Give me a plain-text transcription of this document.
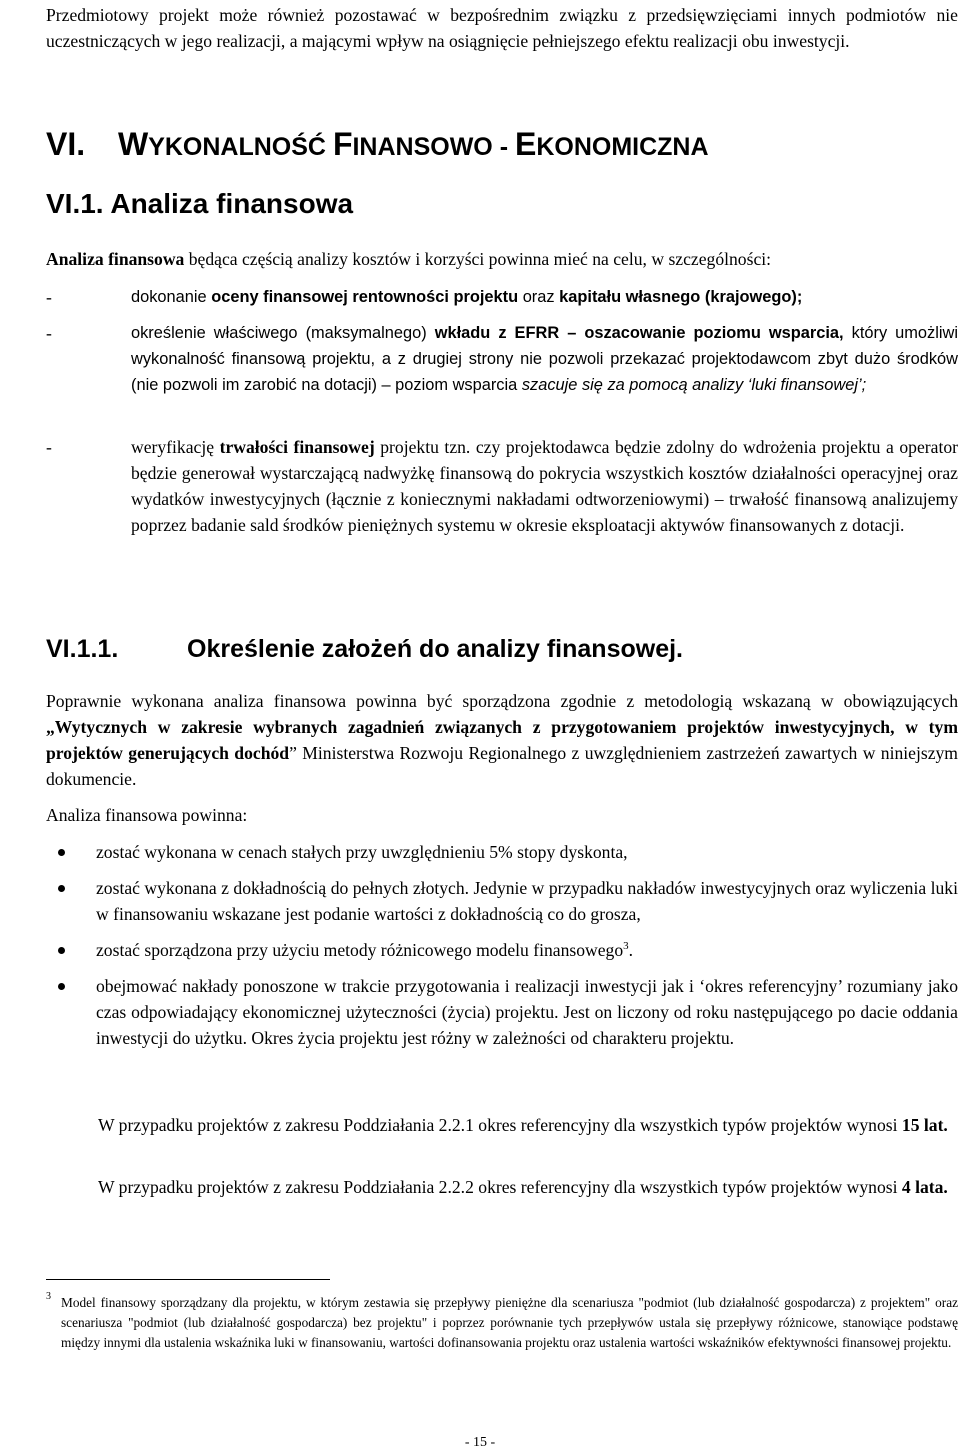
Przedmiotowy projekt może również pozostawać w bezpośrednim związku z przedsięwzięciami innych podmiotów nie uczestniczących w jego realizacji, a mającymi wpływ na osiągnięcie pełniejszego efektu realizacji obu inwestycji.

VI. WYKONALNOŚĆ FINANSOWO - EKONOMICZNA
VI.1. Analiza finansowa

Analiza finansowa będąca częścią analizy kosztów i korzyści powinna mieć na celu, w szczególności:

-	dokonanie oceny finansowej rentowności projektu oraz kapitału własnego (krajowego);

-	określenie właściwego (maksymalnego) wkładu z EFRR – oszacowanie poziomu wsparcia, który umożliwi wykonalność finansową projektu, a z drugiej strony nie pozwoli przekazać projektodawcom zbyt dużo środków (nie pozwoli im zarobić na dotacji) – poziom wsparcia szacuje się za pomocą analizy ‘luki finansowej’;

-	weryfikację trwałości finansowej projektu tzn. czy projektodawca będzie zdolny do wdrożenia projektu a operator będzie generował wystarczającą nadwyżkę finansową do pokrycia wszystkich kosztów działalności operacyjnej oraz wydatków inwestycyjnych (łącznie z koniecznymi nakładami odtworzeniowymi) – trwałość finansową analizujemy poprzez badanie sald środków pieniężnych systemu w okresie eksploatacji aktywów finansowanych z dotacji.

VI.1.1.	Określenie założeń do analizy finansowej.

Poprawnie wykonana analiza finansowa powinna być sporządzona zgodnie z metodologią wskazaną w obowiązujących „Wytycznych w zakresie wybranych zagadnień związanych z przygotowaniem projektów inwestycyjnych, w tym projektów generujących dochód” Ministerstwa Rozwoju Regionalnego z uwzględnieniem zastrzeżeń zawartych w niniejszym dokumencie.

Analiza finansowa powinna:

zostać wykonana w cenach stałych przy uwzględnieniu 5% stopy dyskonta,

zostać wykonana z dokładnością do pełnych złotych. Jedynie w przypadku nakładów inwestycyjnych oraz wyliczenia luki w finansowaniu wskazane jest podanie wartości z dokładnością co do grosza,

zostać sporządzona przy użyciu metody różnicowego modelu finansowego$^3$.

obejmować nakłady ponoszone w trakcie przygotowania i realizacji inwestycji jak i ‘okres referencyjny’ rozumiany jako czas odpowiadający ekonomicznej użyteczności (życia) projektu. Jest on liczony od roku następującego po dacie oddania inwestycji do użytku. Okres życia projektu jest różny w zależności od charakteru projektu.

W przypadku projektów z zakresu Poddziałania 2.2.1 okres referencyjny dla wszystkich typów projektów wynosi 15 lat.

W przypadku projektów z zakresu Poddziałania 2.2.2 okres referencyjny dla wszystkich typów projektów wynosi 4 lata.

3 Model finansowy sporządzany dla projektu, w którym zestawia się przepływy pieniężne dla scenariusza "podmiot (lub działalność gospodarcza) z projektem" oraz scenariusza "podmiot (lub działalność gospodarcza) bez projektu" i poprzez porównanie tych przepływów ustala się przepływy różnicowe, stanowiące podstawę między innymi dla ustalenia wskaźnika luki w finansowaniu, wartości dofinansowania projektu oraz ustalenia wartości wskaźników efektywności finansowej projektu.

- 15 -
